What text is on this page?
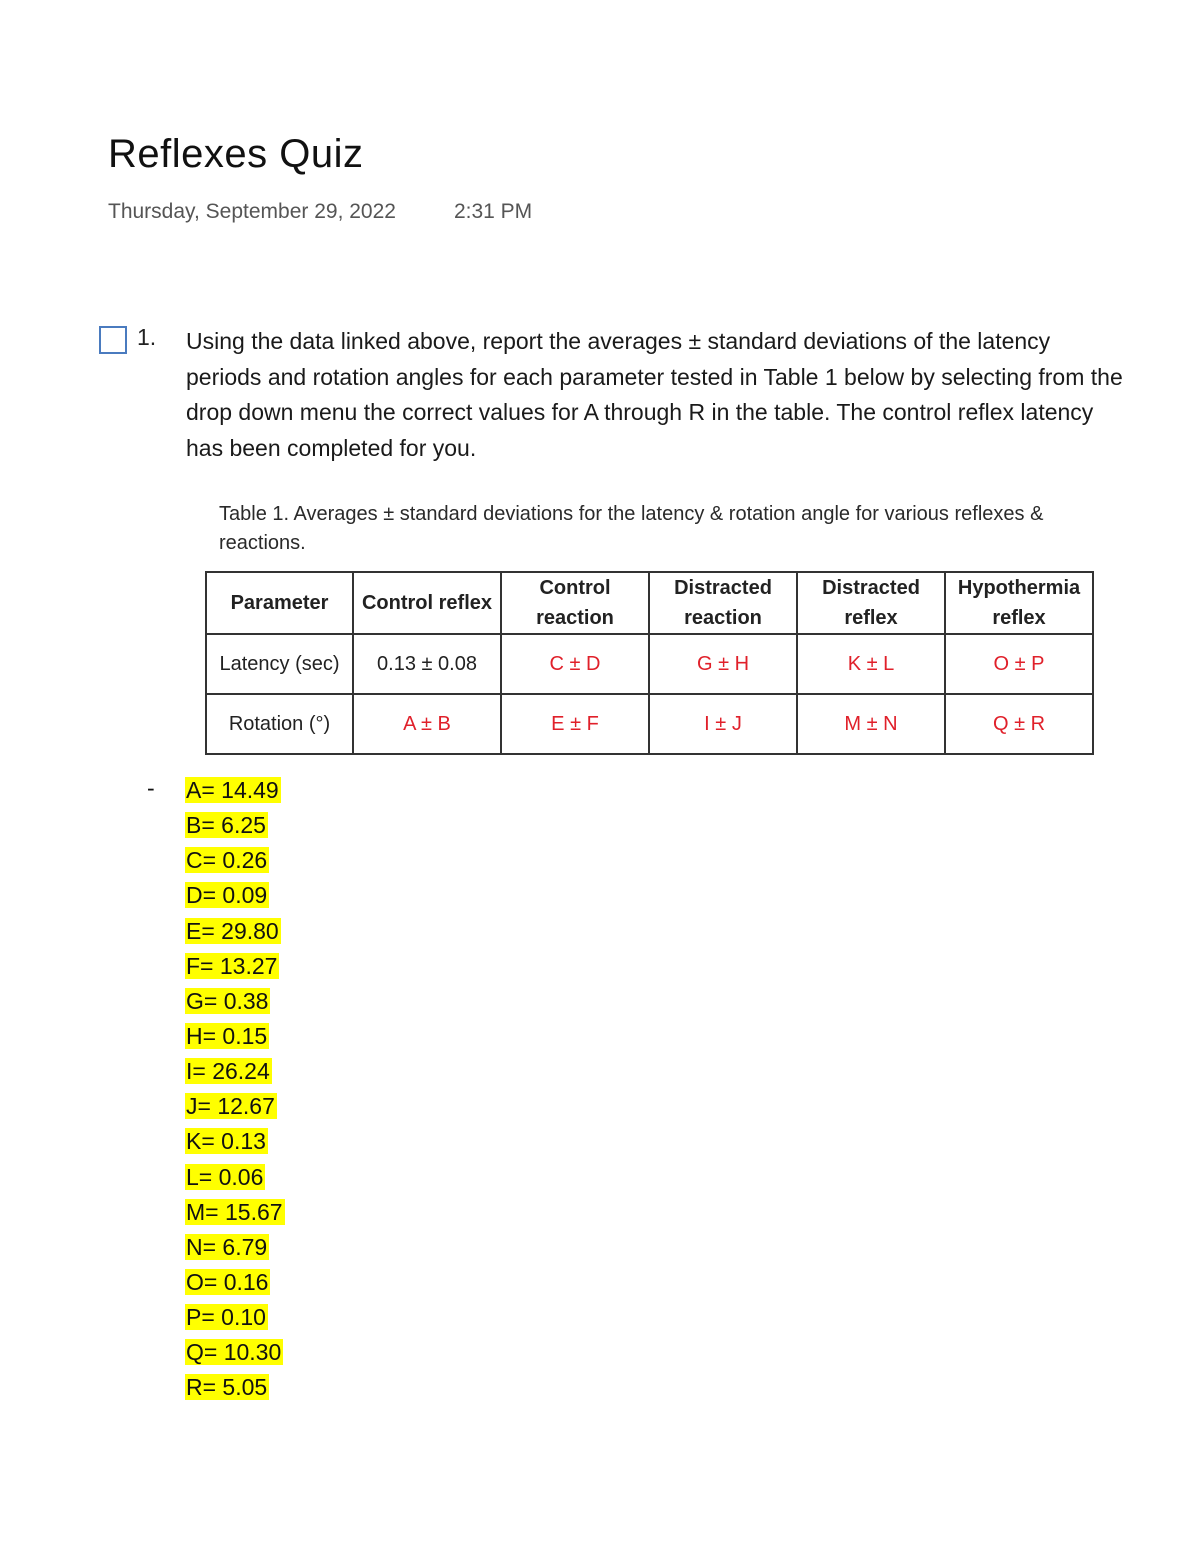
Reflexes Quiz
Thursday, September 29, 2022	2:31 PM
1. Using the data linked above, report the averages ± standard deviations of the latency periods and rotation angles for each parameter tested in Table 1 below by selecting from the drop down menu the correct values for A through R in the table. The control reflex latency has been completed for you.
Table 1. Averages ± standard deviations for the latency & rotation angle for various reflexes & reactions.
Parameter	Control reflex	Control reaction	Distracted reaction	Distracted reflex	Hypothermia reflex
Latency (sec)	0.13 ± 0.08	C ± D	G ± H	K ± L	O ± P
Rotation (°)	A ± B	E ± F	I ± J	M ± N	Q ± R
- A= 14.49
B= 6.25
C= 0.26
D= 0.09
E= 29.80
F= 13.27
G= 0.38
H= 0.15
I= 26.24
J= 12.67
K= 0.13
L= 0.06
M= 15.67
N= 6.79
O= 0.16
P= 0.10
Q= 10.30
R= 5.05
